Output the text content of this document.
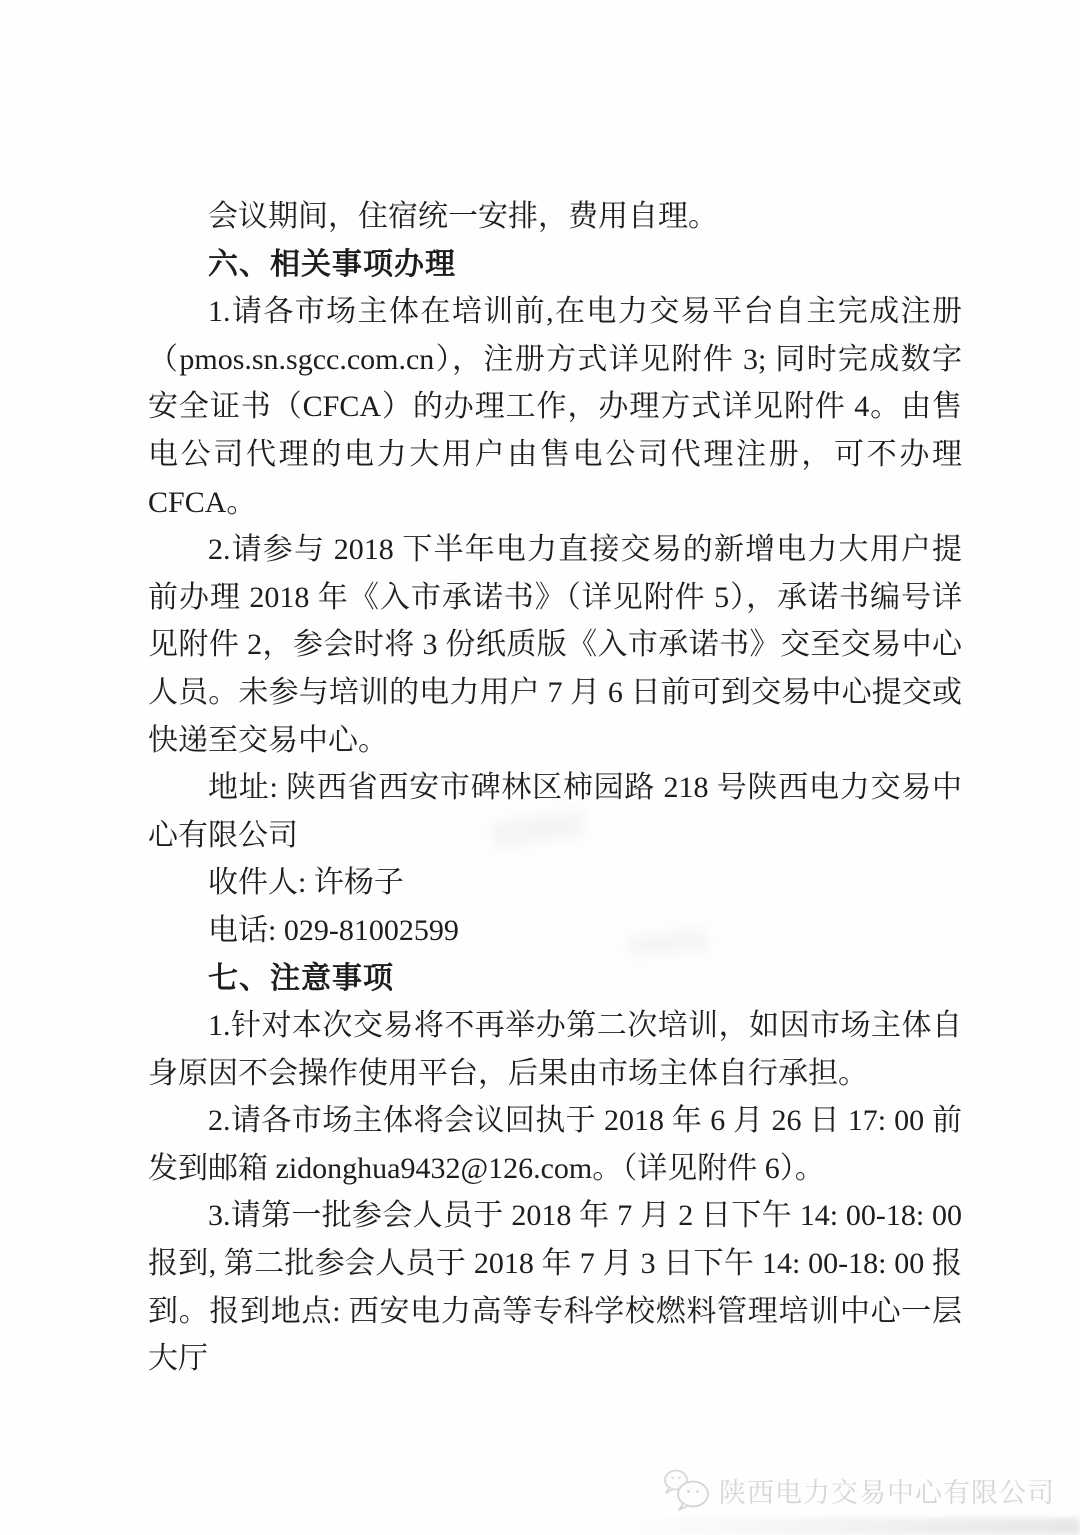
会议期间，住宿统一安排，费用自理。

六、相关事项办理

1.请各市场主体在培训前,在电力交易平台自主完成注册（pmos.sn.sgcc.com.cn），注册方式详见附件 3; 同时完成数字安全证书（CFCA）的办理工作，办理方式详见附件 4。由售电公司代理的电力大用户由售电公司代理注册，可不办理 CFCA。

2.请参与 2018 下半年电力直接交易的新增电力大用户提前办理 2018 年《入市承诺书》（详见附件 5），承诺书编号详见附件 2，参会时将 3 份纸质版《入市承诺书》交至交易中心人员。未参与培训的电力用户 7 月 6 日前可到交易中心提交或快递至交易中心。

地址: 陕西省西安市碑林区柿园路 218 号陕西电力交易中心有限公司

收件人: 许杨子

电话: 029-81002599

七、注意事项

1.针对本次交易将不再举办第二次培训，如因市场主体自身原因不会操作使用平台，后果由市场主体自行承担。

2.请各市场主体将会议回执于 2018 年 6 月 26 日 17: 00 前发到邮箱 zidonghua9432@126.com。（详见附件 6）。

3.请第一批参会人员于 2018 年 7 月 2 日下午 14: 00-18: 00 报到, 第二批参会人员于 2018 年 7 月 3 日下午 14: 00-18: 00 报到。报到地点: 西安电力高等专科学校燃料管理培训中心一层大厅

陕西电力交易中心有限公司
